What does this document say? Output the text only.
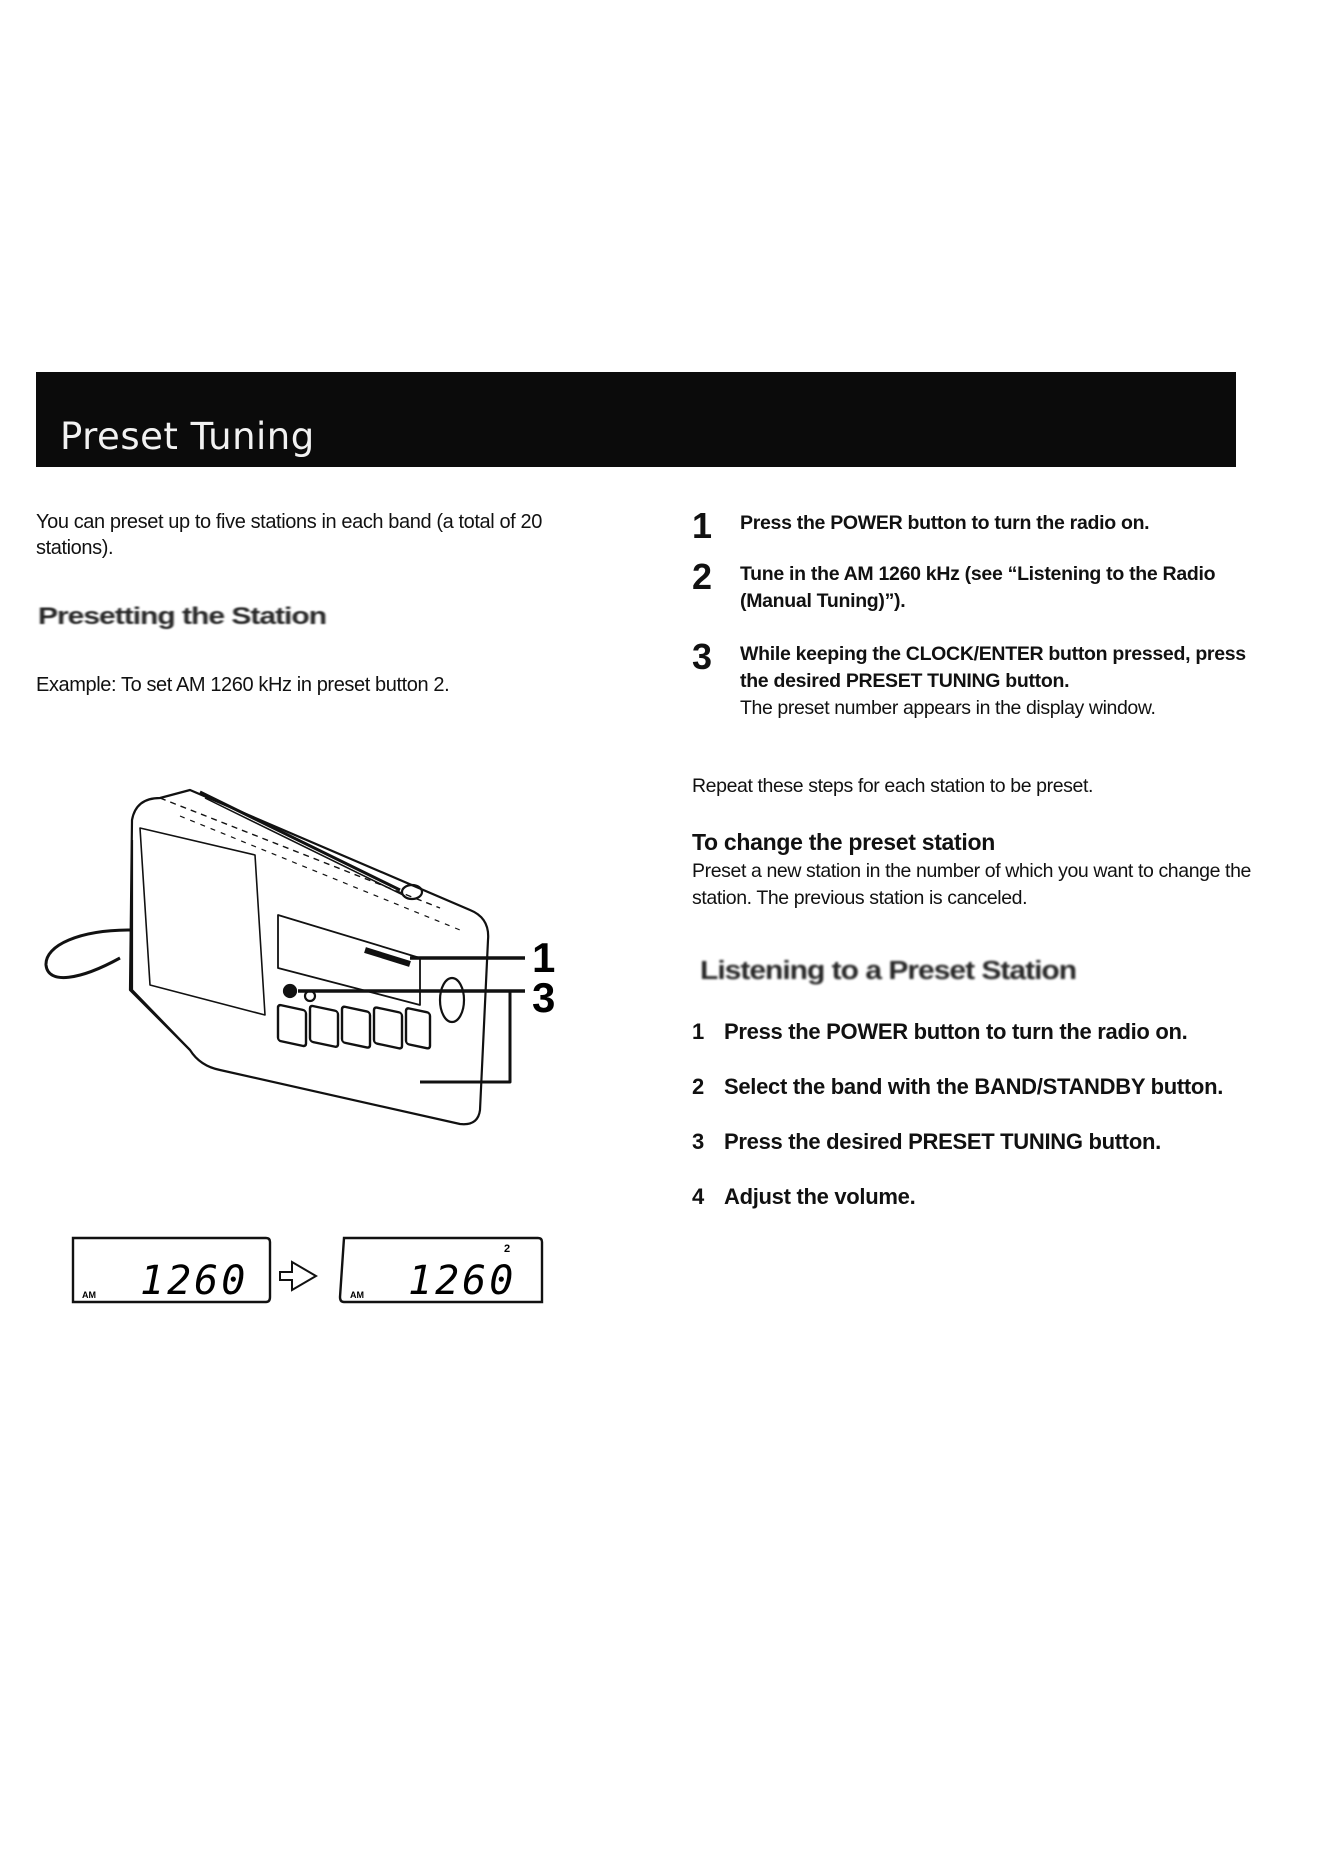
Preset Tuning
You can preset up to five stations in each band (a total of 20 stations).
Presetting the Station
Example: To set AM 1260 kHz in preset button 2.
1
3
AM 1260	AM
2
1260
1 Press the POWER button to turn the radio on.
2 Tune in the AM 1260 kHz (see “Listening to the Radio (Manual Tuning)”).
3 While keeping the CLOCK/ENTER button pressed, press the desired PRESET TUNING button.
The preset number appears in the display window.
Repeat these steps for each station to be preset.
To change the preset station
Preset a new station in the number of which you want to change the station. The previous station is canceled.
Listening to a Preset Station
1 Press the POWER button to turn the radio on.
2 Select the band with the BAND/STANDBY button.
3 Press the desired PRESET TUNING button.
4 Adjust the volume.
